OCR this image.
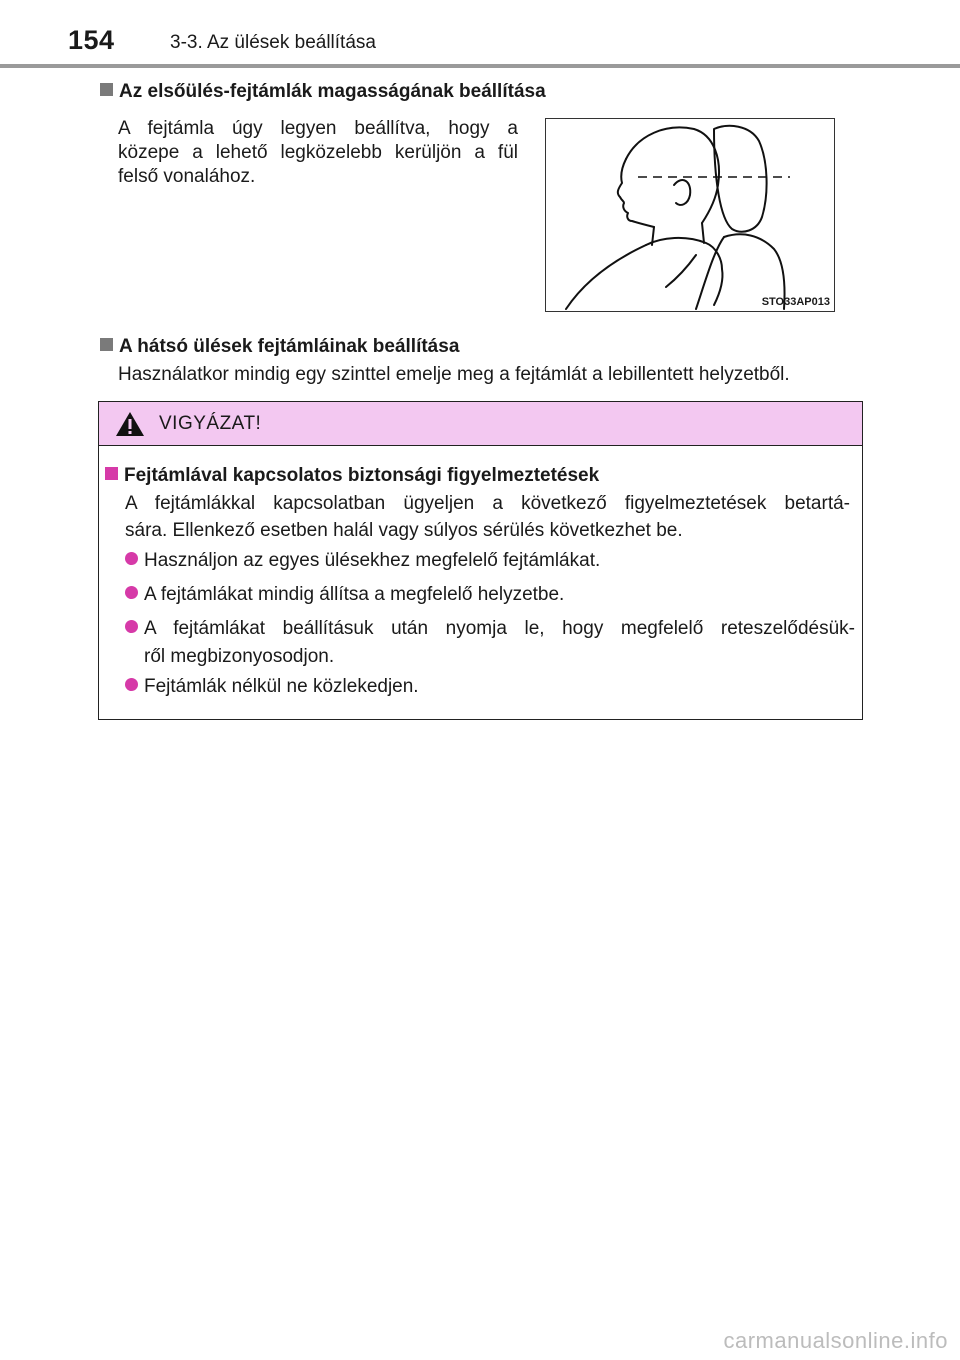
154	3-3. Az ülések beállítása
Az elsőülés-fejtámlák magasságának beállítása
A fejtámla úgy legyen beállítva, hogy a
közepe a lehető legközelebb kerüljön a fül
felső vonalához.
STO33AP013
A hátsó ülések fejtámláinak beállítása
Használatkor mindig egy szinttel emelje meg a fejtámlát a lebillentett helyzetből.
VIGYÁZAT!
Fejtámlával kapcsolatos biztonsági figyelmeztetések
A fejtámlákkal kapcsolatban ügyeljen a következő figyelmeztetések betartá-
sára. Ellenkező esetben halál vagy súlyos sérülés következhet be.
Használjon az egyes ülésekhez megfelelő fejtámlákat.
A fejtámlákat mindig állítsa a megfelelő helyzetbe.
A fejtámlákat beállításuk után nyomja le, hogy megfelelő reteszelődésük-
ről megbizonyosodjon.
Fejtámlák nélkül ne közlekedjen.
carmanualsonline.info
